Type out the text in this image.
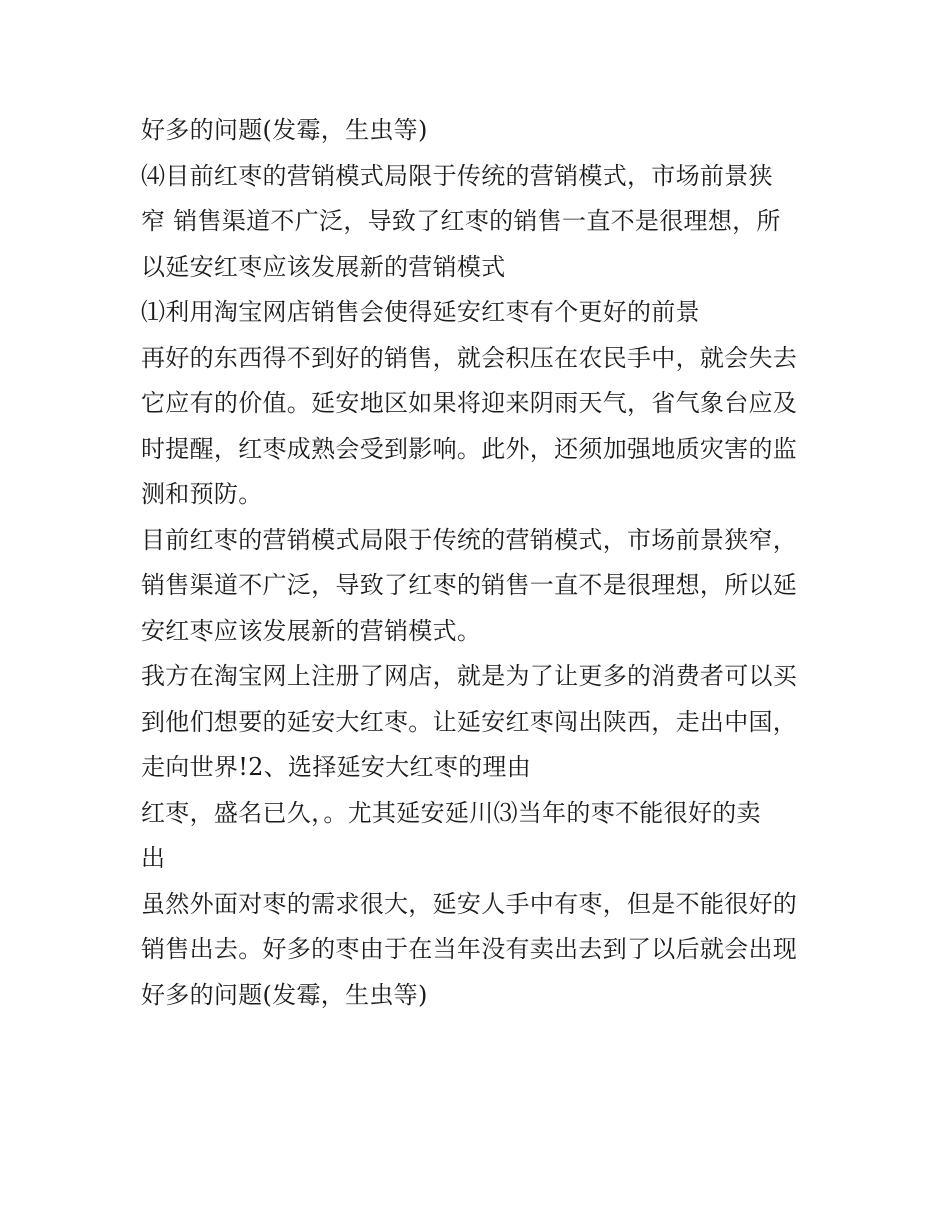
好多的问题(发霉，生虫等)
⑷目前红枣的营销模式局限于传统的营销模式，市场前景狭
窄 销售渠道不广泛，导致了红枣的销售一直不是很理想，所
以延安红枣应该发展新的营销模式
⑴利用淘宝网店销售会使得延安红枣有个更好的前景
再好的东西得不到好的销售，就会积压在农民手中，就会失去
它应有的价值。延安地区如果将迎来阴雨天气，省气象台应及
时提醒，红枣成熟会受到影响。此外，还须加强地质灾害的监
测和预防。
目前红枣的营销模式局限于传统的营销模式，市场前景狭窄，
销售渠道不广泛，导致了红枣的销售一直不是很理想，所以延
安红枣应该发展新的营销模式。
我方在淘宝网上注册了网店，就是为了让更多的消费者可以买
到他们想要的延安大红枣。让延安红枣闯出陕西，走出中国，
走向世界!2、选择延安大红枣的理由
红枣，盛名已久，。尤其延安延川⑶当年的枣不能很好的卖
出
虽然外面对枣的需求很大，延安人手中有枣，但是不能很好的
销售出去。好多的枣由于在当年没有卖出去到了以后就会出现
好多的问题(发霉，生虫等)
